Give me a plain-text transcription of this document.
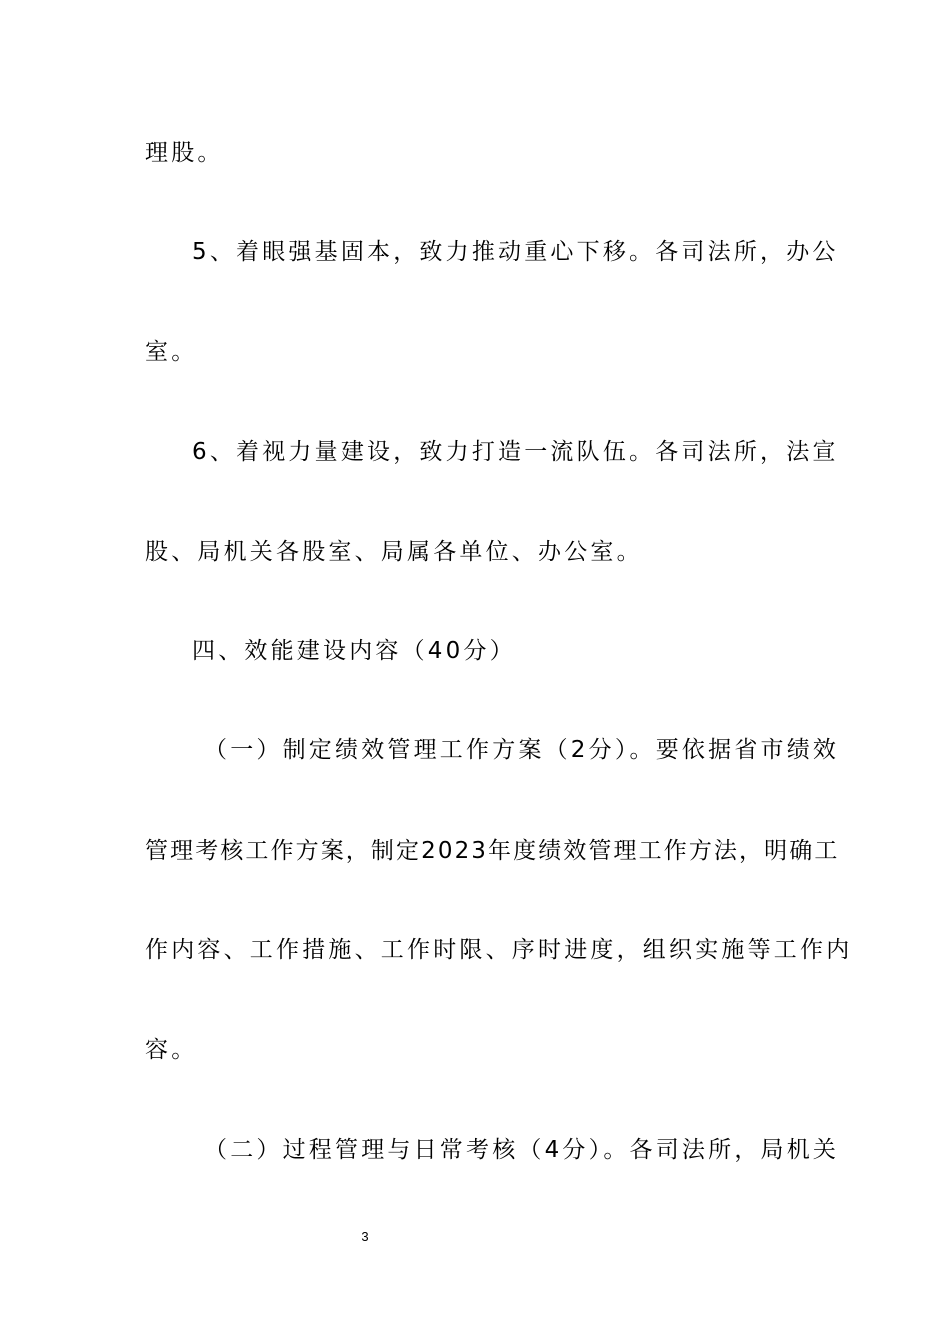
理股。
5、着眼强基固本，致力推动重心下移。各司法所，办公
室。
6、着视力量建设，致力打造一流队伍。各司法所，法宣
股、局机关各股室、局属各单位、办公室。
四、效能建设内容（40分）
（一）制定绩效管理工作方案（2分）。要依据省市绩效
管理考核工作方案，制定2023年度绩效管理工作方法，明确工
作内容、工作措施、工作时限、序时进度，组织实施等工作内
容。
（二）过程管理与日常考核（4分）。各司法所，局机关
3
